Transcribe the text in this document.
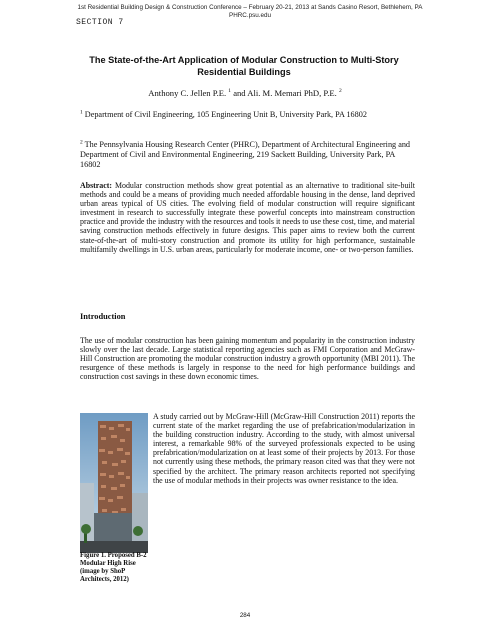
1st Residential Building Design & Construction Conference – February 20-21, 2013 at Sands Casino Resort, Bethlehem, PA
PHRC.psu.edu
SECTION 7
The State-of-the-Art Application of Modular Construction to Multi-Story
Residential Buildings
Anthony C. Jellen P.E. $^1$ and Ali. M. Memari PhD, P.E. $^2$
$^1$ Department of Civil Engineering, 105 Engineering Unit B, University Park, PA 16802
$^2$ The Pennsylvania Housing Research Center (PHRC), Department of Architectural Engineering and Department of Civil and Environmental Engineering, 219 Sackett Building, University Park, PA 16802
Abstract: Modular construction methods show great potential as an alternative to traditional site-built methods and could be a means of providing much needed affordable housing in the dense, land deprived urban areas typical of US cities. The evolving field of modular construction will require significant investment in research to successfully integrate these powerful concepts into mainstream construction practice and provide the industry with the resources and tools it needs to use these cost, time, and material saving construction methods effectively in future designs. This paper aims to review both the current state-of-the-art of multi-story construction and promote its utility for high performance, sustainable multifamily dwellings in U.S. urban areas, particularly for moderate income, one- or two-person families.
Introduction

The use of modular construction has been gaining momentum and popularity in the construction industry slowly over the last decade. Large statistical reporting agencies such as FMI Corporation and McGraw-Hill Construction are promoting the modular construction industry a growth opportunity (MBI 2011). The resurgence of these methods is largely in response to the need for high performance buildings and construction cost savings in these down economic times.

A study carried out by McGraw-Hill (McGraw-Hill Construction 2011) reports the current state of the market regarding the use of prefabrication/modularization in the building construction industry. According to the study, with almost universal interest, a remarkable 98% of the surveyed professionals expected to be using prefabrication/modularization on at least some of their projects by 2013. For those not currently using these methods, the primary reason cited was that they were not specified by the architect. The primary reason architects reported not specifying the use of modular methods in their projects was owner resistance to the idea.

Figure 1. Proposed B-2 Modular High Rise (image by ShoP Architects, 2012)
284
